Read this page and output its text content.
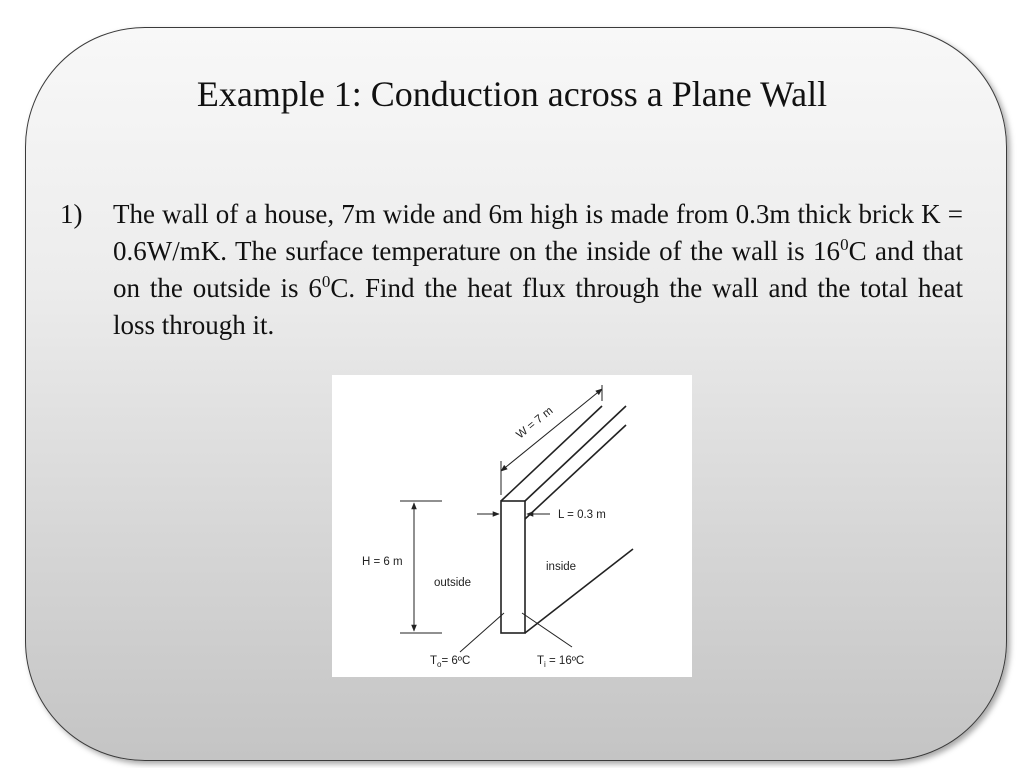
Example 1: Conduction across a Plane Wall
1) The wall of a house, 7m wide and 6m high is made from 0.3m thick brick K = 0.6W/mK. The surface temperature on the inside of the wall is $16^0C$ and that on the outside is $6^0C$. Find the heat flux through the wall and the total heat loss through it.
W = 7 m
H = 6 m
L = 0.3 m
outside
inside
$T_o=$ 6ºC	$T_i$ = 16ºC
